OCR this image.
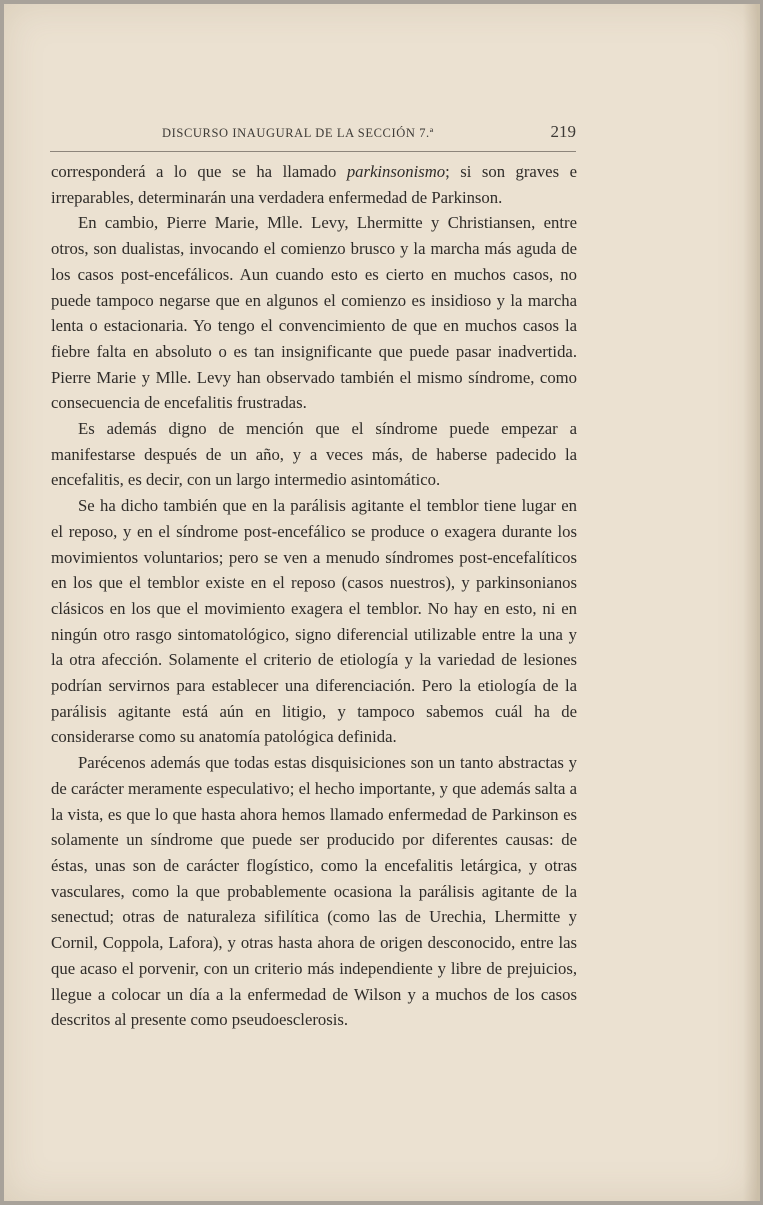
DISCURSO INAUGURAL DE LA SECCIÓN 7.ª	219

corresponderá a lo que se ha llamado parkinsonismo; si son graves e irreparables, determinarán una verdadera enfermedad de Parkinson.

En cambio, Pierre Marie, Mlle. Levy, Lhermitte y Christiansen, entre otros, son dualistas, invocando el comienzo brusco y la marcha más aguda de los casos post-encefálicos. Aun cuando esto es cierto en muchos casos, no puede tampoco negarse que en algunos el comienzo es insidioso y la marcha lenta o estacionaria. Yo tengo el convencimiento de que en muchos casos la fiebre falta en absoluto o es tan insignificante que puede pasar inadvertida. Pierre Marie y Mlle. Levy han observado también el mismo síndrome, como consecuencia de encefalitis frustradas.

Es además digno de mención que el síndrome puede empezar a manifestarse después de un año, y a veces más, de haberse padecido la encefalitis, es decir, con un largo intermedio asintomático.

Se ha dicho también que en la parálisis agitante el temblor tiene lugar en el reposo, y en el síndrome post-encefálico se produce o exagera durante los movimientos voluntarios; pero se ven a menudo síndromes post-encefalíticos en los que el temblor existe en el reposo (casos nuestros), y parkinsonianos clásicos en los que el movimiento exagera el temblor. No hay en esto, ni en ningún otro rasgo sintomatológico, signo diferencial utilizable entre la una y la otra afección. Solamente el criterio de etiología y la variedad de lesiones podrían servirnos para establecer una diferenciación. Pero la etiología de la parálisis agitante está aún en litigio, y tampoco sabemos cuál ha de considerarse como su anatomía patológica definida.

Parécenos además que todas estas disquisiciones son un tanto abstractas y de carácter meramente especulativo; el hecho importante, y que además salta a la vista, es que lo que hasta ahora hemos llamado enfermedad de Parkinson es solamente un síndrome que puede ser producido por diferentes causas: de éstas, unas son de carácter flogístico, como la encefalitis letárgica, y otras vasculares, como la que probablemente ocasiona la parálisis agitante de la senectud; otras de naturaleza sifilítica (como las de Urechia, Lhermitte y Cornil, Coppola, Lafora), y otras hasta ahora de origen desconocido, entre las que acaso el porvenir, con un criterio más independiente y libre de prejuicios, llegue a colocar un día a la enfermedad de Wilson y a muchos de los casos descritos al presente como pseudoesclerosis.
